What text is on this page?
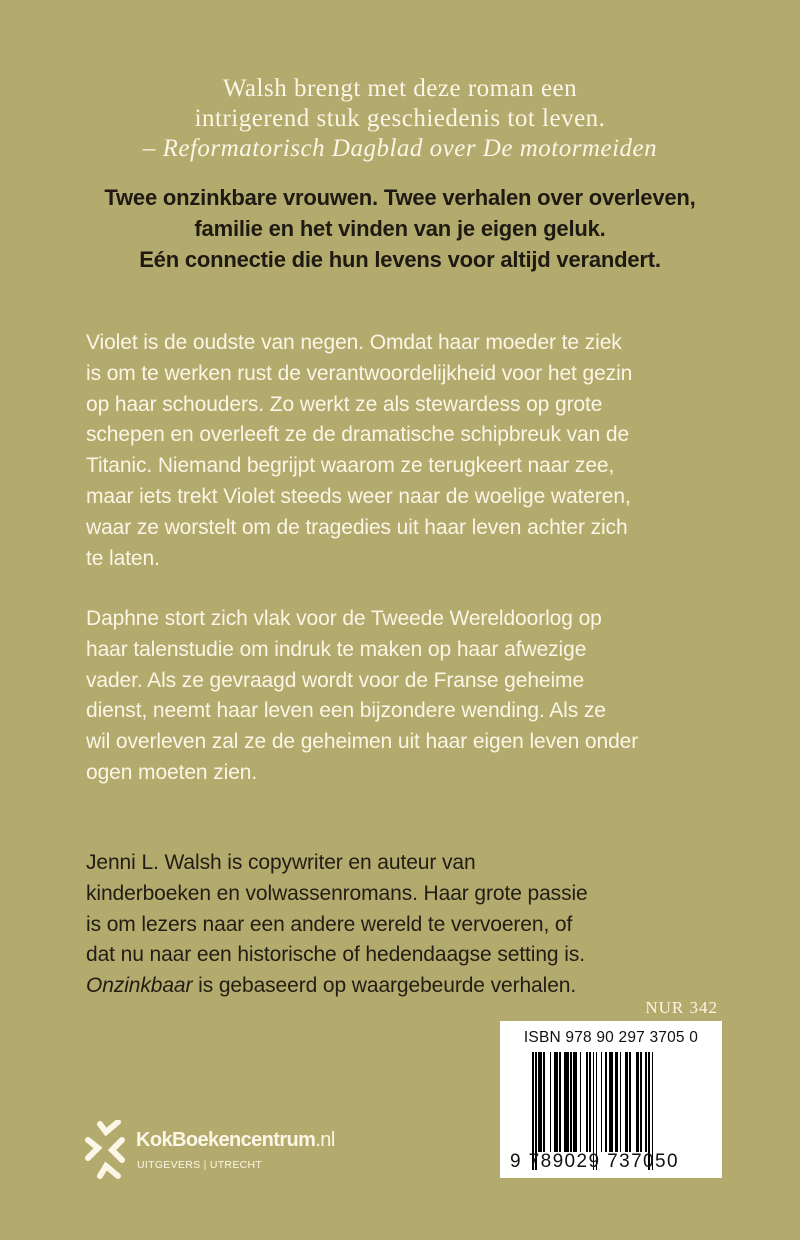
Walsh brengt met deze roman een
intrigerend stuk geschiedenis tot leven.
– Reformatorisch Dagblad over De motormeiden
Twee onzinkbare vrouwen. Twee verhalen over overleven,
familie en het vinden van je eigen geluk.
Eén connectie die hun levens voor altijd verandert.
Violet is de oudste van negen. Omdat haar moeder te ziek
is om te werken rust de verantwoordelijkheid voor het gezin
op haar schouders. Zo werkt ze als stewardess op grote
schepen en overleeft ze de dramatische schipbreuk van de
Titanic. Niemand begrijpt waarom ze terugkeert naar zee,
maar iets trekt Violet steeds weer naar de woelige wateren,
waar ze worstelt om de tragedies uit haar leven achter zich
te laten.
Daphne stort zich vlak voor de Tweede Wereldoorlog op
haar talenstudie om indruk te maken op haar afwezige
vader. Als ze gevraagd wordt voor de Franse geheime
dienst, neemt haar leven een bijzondere wending. Als ze
wil overleven zal ze de geheimen uit haar eigen leven onder
ogen moeten zien.
Jenni L. Walsh is copywriter en auteur van
kinderboeken en volwassenromans. Haar grote passie
is om lezers naar een andere wereld te vervoeren, of
dat nu naar een historische of hedendaagse setting is.
Onzinkbaar is gebaseerd op waargebeurde verhalen.
NUR 342
ISBN 978 90 297 3705 0
9 789029 737050
KokBoekencentrum.nl
UITGEVERS | UTRECHT
